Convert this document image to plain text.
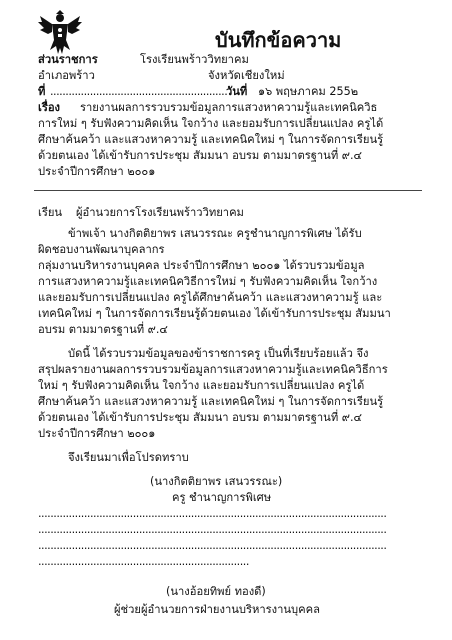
บันทึกข้อความ
ส่วนราชการ	โรงเรียนพร้าววิทยาคม
อำเภอพร้าว	จังหวัดเชียงใหม่
ที่ ..........................................................
วันที่ ๑๖ พฤษภาคม 255๒
เรื่อง รายงานผลการรวบรวมข้อมูลการแสวงหาความรู้และเทคนิควิธ
การใหม่ ๆ รับฟังความคิดเห็น ใจกว้าง และยอมรับการเปลี่ยนแปลง ครูได้
ศึกษาค้นคว้า และแสวงหาความรู้ และเทคนิคใหม่ ๆ ในการจัดการเรียนรู้
ด้วยตนเอง ได้เข้ารับการประชุม สัมมนา อบรม ตามมาตรฐานที่ ๙.๔
ประจำปีการศึกษา ๒๐๐๑
เรียน ผู้อำนวยการโรงเรียนพร้าววิทยาคม
ข้าพเจ้า นางกิตติยาพร เสนวรรณะ ครูชำนาญการพิเศษ ได้รับ
ผิดชอบงานพัฒนาบุคลากร
กลุ่มงานบริหารงานบุคคล ประจำปีการศึกษา ๒๐๐๑ ได้รวบรวมข้อมูล
การแสวงหาความรู้และเทคนิควิธีการใหม่ ๆ รับฟังความคิดเห็น ใจกว้าง
และยอมรับการเปลี่ยนแปลง ครูได้ศึกษาค้นคว้า และแสวงหาความรู้ และ
เทคนิคใหม่ ๆ ในการจัดการเรียนรู้ด้วยตนเอง ได้เข้ารับการประชุม สัมมนา
อบรม ตามมาตรฐานที่ ๙.๔
บัดนี้ ได้รวบรวมข้อมูลของข้าราชการครู เป็นที่เรียบร้อยแล้ว จึง
สรุปผลรายงานผลการรวบรวมข้อมูลการแสวงหาความรู้และเทคนิควิธีการ
ใหม่ ๆ รับฟังความคิดเห็น ใจกว้าง และยอมรับการเปลี่ยนแปลง ครูได้
ศึกษาค้นคว้า และแสวงหาความรู้ และเทคนิคใหม่ ๆ ในการจัดการเรียนรู้
ด้วยตนเอง ได้เข้ารับการประชุม สัมมนา อบรม ตามมาตรฐานที่ ๙.๔
ประจำปีการศึกษา ๒๐๐๑
จึงเรียนมาเพื่อโปรดทราบ
(นางกิตติยาพร เสนวรรณะ)
ครู ชำนาญการพิเศษ
..................................................................................................................
..................................................................................................................
..................................................................................................................
.....................................................................
(นางอ้อยทิพย์ ทองดี)
ผู้ช่วยผู้อำนวยการฝ่ายงานบริหารงานบุคคล
